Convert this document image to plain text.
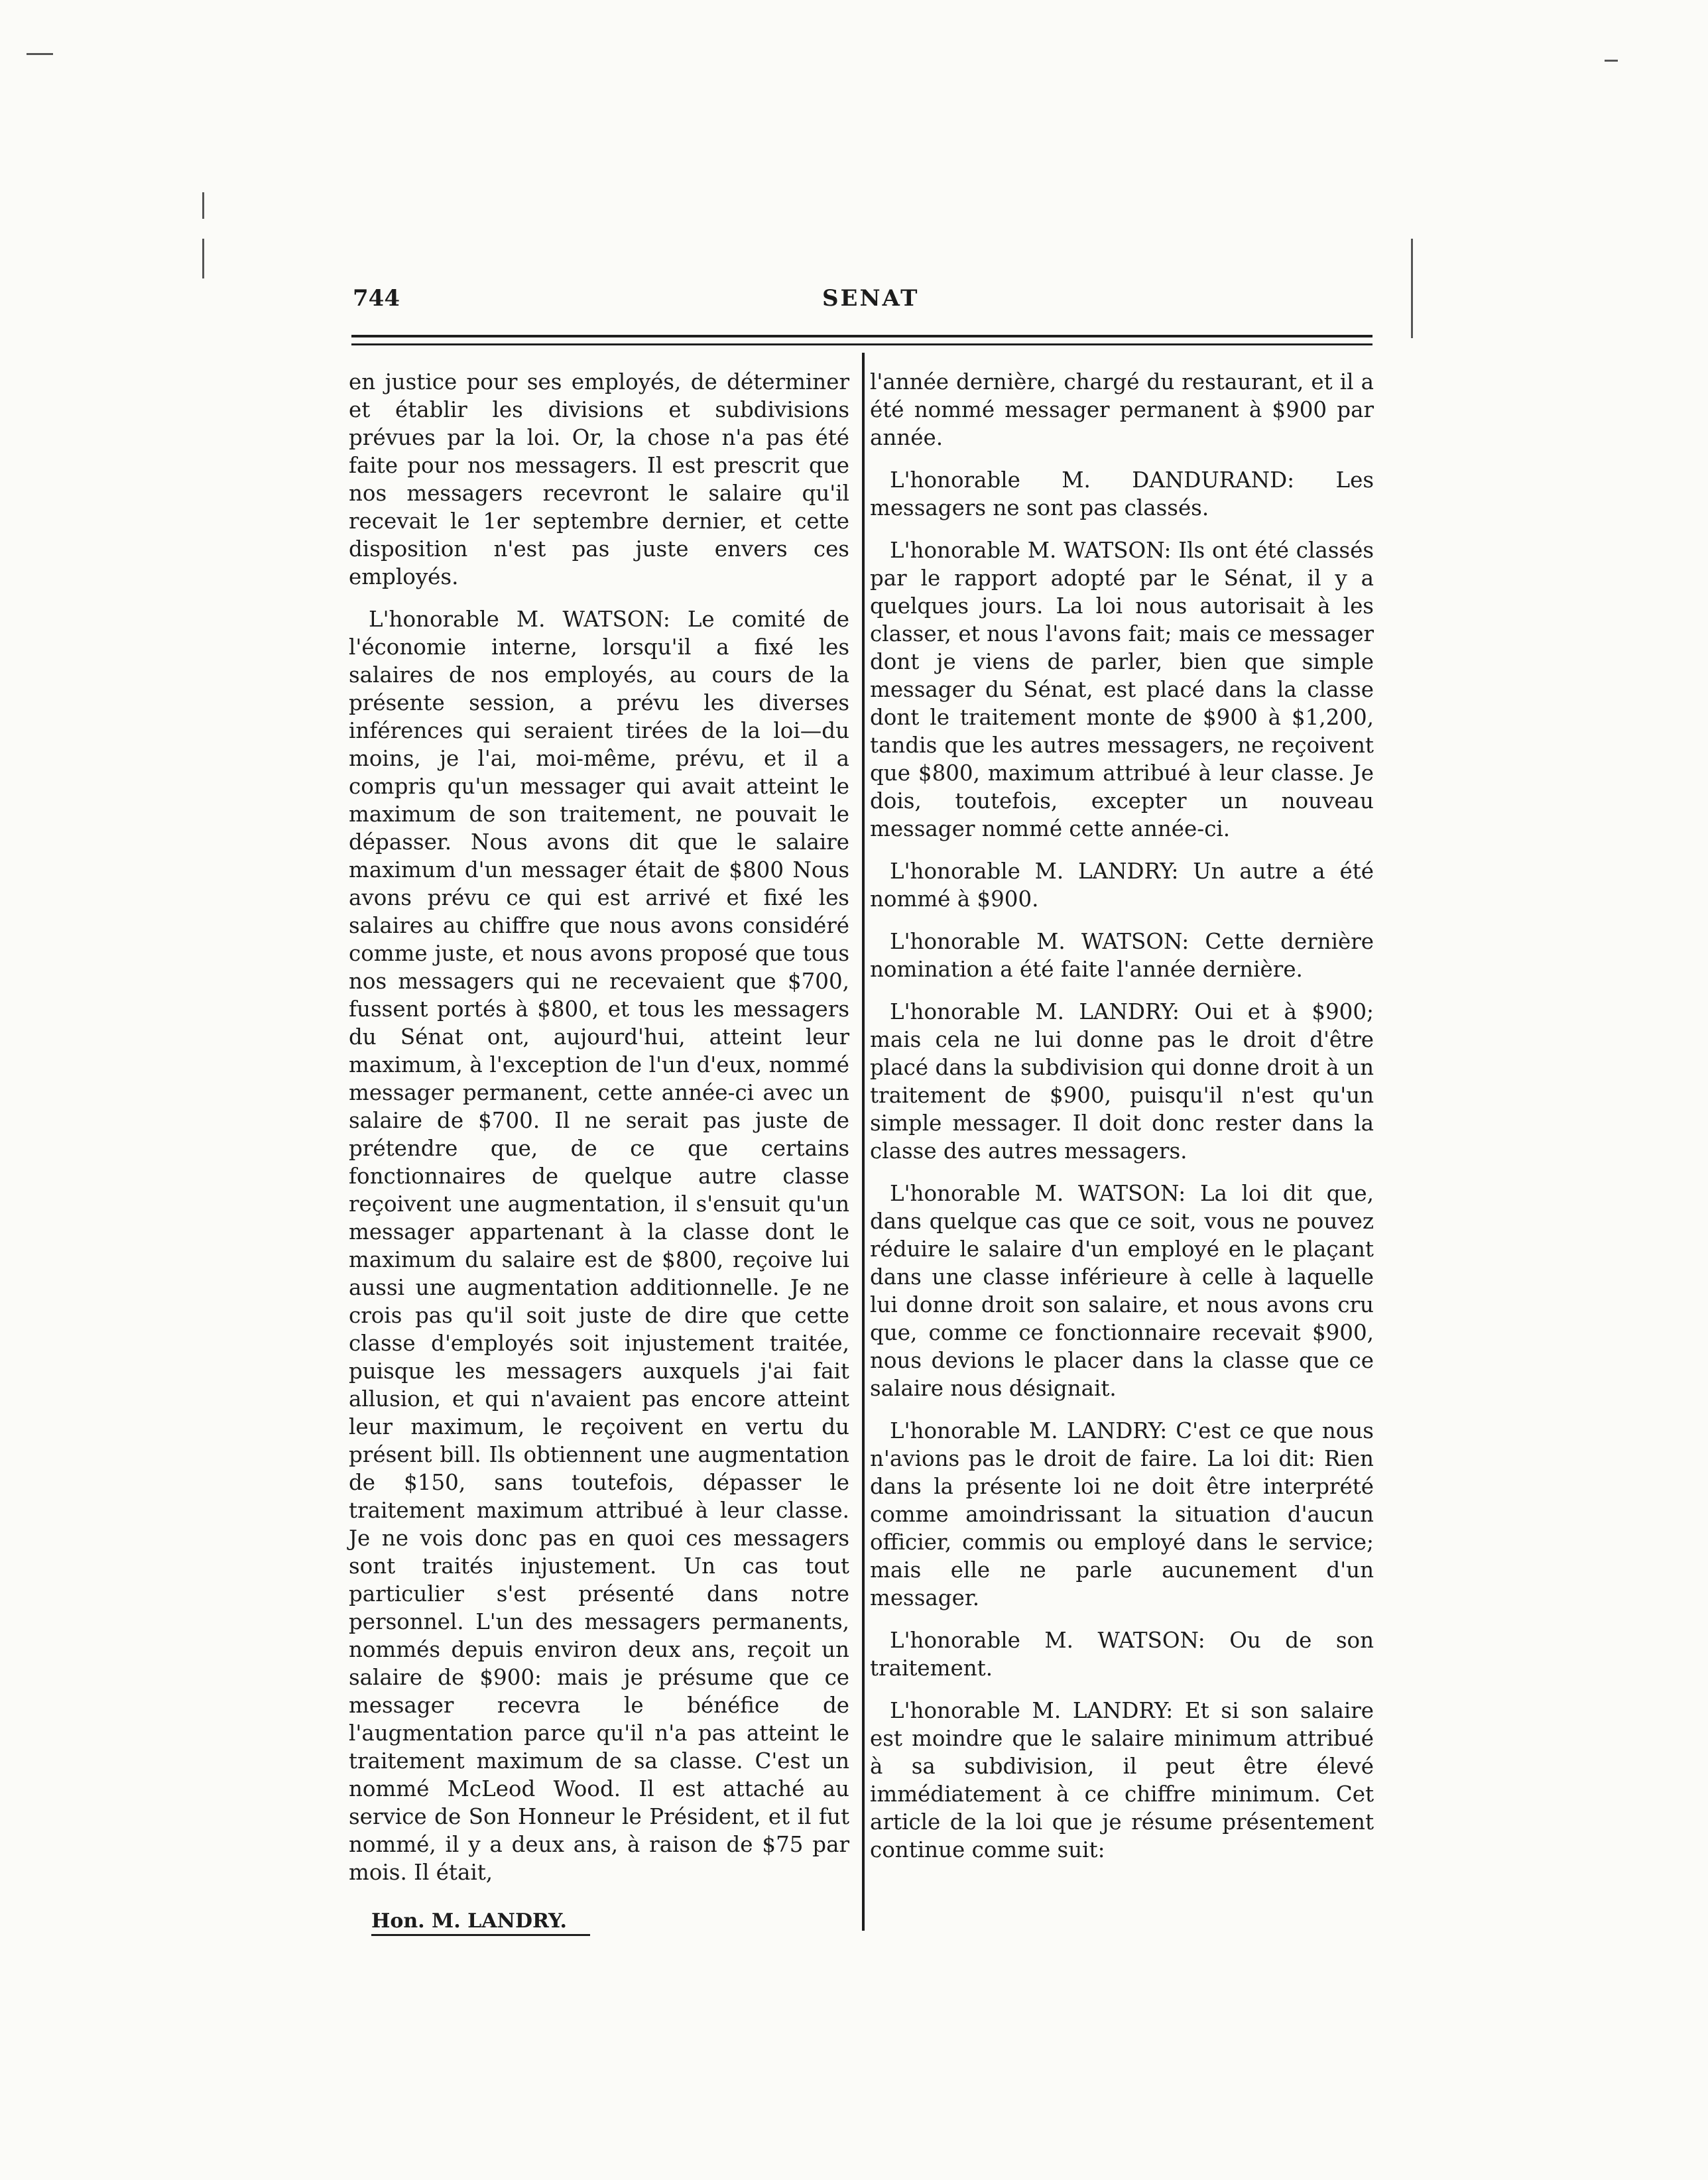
744	SENAT

en justice pour ses employés, de déterminer et établir les divisions et subdivisions prévues par la loi. Or, la chose n'a pas été faite pour nos messagers. Il est prescrit que nos messagers recevront le salaire qu'il recevait le 1er septembre dernier, et cette disposition n'est pas juste envers ces employés.

L'honorable M. WATSON: Le comité de l'économie interne, lorsqu'il a fixé les salaires de nos employés, au cours de la présente session, a prévu les diverses inférences qui seraient tirées de la loi—du moins, je l'ai, moi-même, prévu, et il a compris qu'un messager qui avait atteint le maximum de son traitement, ne pouvait le dépasser. Nous avons dit que le salaire maximum d'un messager était de $800 Nous avons prévu ce qui est arrivé et fixé les salaires au chiffre que nous avons considéré comme juste, et nous avons proposé que tous nos messagers qui ne recevaient que $700, fussent portés à $800, et tous les messagers du Sénat ont, aujourd'hui, atteint leur maximum, à l'exception de l'un d'eux, nommé messager permanent, cette année-ci avec un salaire de $700. Il ne serait pas juste de prétendre que, de ce que certains fonctionnaires de quelque autre classe reçoivent une augmentation, il s'ensuit qu'un messager appartenant à la classe dont le maximum du salaire est de $800, reçoive lui aussi une augmentation additionnelle. Je ne crois pas qu'il soit juste de dire que cette classe d'employés soit injustement traitée, puisque les messagers auxquels j'ai fait allusion, et qui n'avaient pas encore atteint leur maximum, le reçoivent en vertu du présent bill. Ils obtiennent une augmentation de $150, sans toutefois, dépasser le traitement maximum attribué à leur classe. Je ne vois donc pas en quoi ces messagers sont traités injustement. Un cas tout particulier s'est présenté dans notre personnel. L'un des messagers permanents, nommés depuis environ deux ans, reçoit un salaire de $900: mais je présume que ce messager recevra le bénéfice de l'augmentation parce qu'il n'a pas atteint le traitement maximum de sa classe. C'est un nommé McLeod Wood. Il est attaché au service de Son Honneur le Président, et il fut nommé, il y a deux ans, à raison de $75 par mois. Il était,

l'année dernière, chargé du restaurant, et il a été nommé messager permanent à $900 par année.

L'honorable M. DANDURAND: Les messagers ne sont pas classés.

L'honorable M. WATSON: Ils ont été classés par le rapport adopté par le Sénat, il y a quelques jours. La loi nous autorisait à les classer, et nous l'avons fait; mais ce messager dont je viens de parler, bien que simple messager du Sénat, est placé dans la classe dont le traitement monte de $900 à $1,200, tandis que les autres messagers, ne reçoivent que $800, maximum attribué à leur classe. Je dois, toutefois, excepter un nouveau messager nommé cette année-ci.

L'honorable M. LANDRY: Un autre a été nommé à $900.

L'honorable M. WATSON: Cette dernière nomination a été faite l'année dernière.

L'honorable M. LANDRY: Oui et à $900; mais cela ne lui donne pas le droit d'être placé dans la subdivision qui donne droit à un traitement de $900, puisqu'il n'est qu'un simple messager. Il doit donc rester dans la classe des autres messagers.

L'honorable M. WATSON: La loi dit que, dans quelque cas que ce soit, vous ne pouvez réduire le salaire d'un employé en le plaçant dans une classe inférieure à celle à laquelle lui donne droit son salaire, et nous avons cru que, comme ce fonctionnaire recevait $900, nous devions le placer dans la classe que ce salaire nous désignait.

L'honorable M. LANDRY: C'est ce que nous n'avions pas le droit de faire. La loi dit: Rien dans la présente loi ne doit être interprété comme amoindrissant la situation d'aucun officier, commis ou employé dans le service; mais elle ne parle aucunement d'un messager.

L'honorable M. WATSON: Ou de son traitement.

L'honorable M. LANDRY: Et si son salaire est moindre que le salaire minimum attribué à sa subdivision, il peut être élevé immédiatement à ce chiffre minimum. Cet article de la loi que je résume présentement continue comme suit:

Hon. M. LANDRY.
